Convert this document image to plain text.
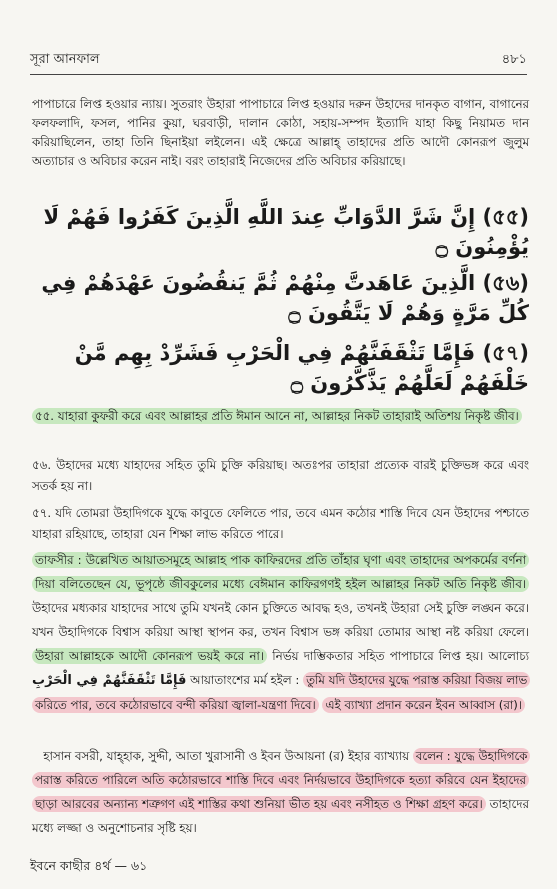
সূরা আনফাল	৪৮১
পাপাচারে লিপ্ত হওয়ার ন্যায়। সুতরাং উহারা পাপাচারে লিপ্ত হওয়ার দরুন উহাদের দানকৃত বাগান, বাগানের ফলফলাদি, ফসল, পানির কুয়া, ঘরবাড়ী, দালান কোঠা, সহায়-সম্পদ ইত্যাদি যাহা কিছু নিয়ামত দান করিয়াছিলেন, তাহা তিনি ছিনাইয়া লইলেন। এই ক্ষেত্রে আল্লাহ্ তাহাদের প্রতি আদৌ কোনরূপ জুলুম অত্যাচার ও অবিচার করেন নাই। বরং তাহারাই নিজেদের প্রতি অবিচার করিয়াছে।
(৫৫) إِنَّ شَرَّ الدَّوَابِّ عِندَ اللَّهِ الَّذِينَ كَفَرُوا فَهُمْ لَا يُؤْمِنُونَ ۝
(৫৬) الَّذِينَ عَاهَدتَّ مِنْهُمْ ثُمَّ يَنقُضُونَ عَهْدَهُمْ فِي كُلِّ مَرَّةٍ وَهُمْ لَا يَتَّقُونَ ۝
(৫৭) فَإِمَّا تَثْقَفَنَّهُمْ فِي الْحَرْبِ فَشَرِّدْ بِهِم مَّنْ خَلْفَهُمْ لَعَلَّهُمْ يَذَّكَّرُونَ ۝
৫৫. যাহারা কুফরী করে এবং আল্লাহর প্রতি ঈমান আনে না, আল্লাহর নিকট তাহারাই অতিশয় নিকৃষ্ট জীব।
৫৬. উহাদের মধ্যে যাহাদের সহিত তুমি চুক্তি করিয়াছ। অতঃপর তাহারা প্রত্যেক বারই চুক্তিভঙ্গ করে এবং সতর্ক হয় না।
৫৭. যদি তোমরা উহাদিগকে যুদ্ধে কাবুতে ফেলিতে পার, তবে এমন কঠোর শাস্তি দিবে যেন উহাদের পশ্চাতে যাহারা রহিয়াছে, তাহারা যেন শিক্ষা লাভ করিতে পারে।
তাফসীর : উল্লেখিত আয়াতসমূহে আল্লাহ পাক কাফিরদের প্রতি তাঁহার ঘৃণা এবং তাহাদের অপকর্মের বর্ণনা দিয়া বলিতেছেন যে, ভূপৃষ্ঠে জীবকুলের মধ্যে বেঈমান কাফিরগণই হইল আল্লাহর নিকট অতি নিকৃষ্ট জীব। উহাদের মধ্যকার যাহাদের সাথে তুমি যখনই কোন চুক্তিতে আবদ্ধ হও, তখনই উহারা সেই চুক্তি লঙ্ঘন করে। যখন উহাদিগকে বিশ্বাস করিয়া আস্থা স্থাপন কর, তখন বিশ্বাস ভঙ্গ করিয়া তোমার আস্থা নষ্ট করিয়া ফেলে। উহারা আল্লাহকে আদৌ কোনরূপ ভয়ই করে না। নির্ভয় দাম্ভিকতার সহিত পাপাচারে লিপ্ত হয়। আলোচ্য فَإِمَّا تَثْقَفَنَّهُمْ فِي الْحَرْبِ আয়াতাংশের মর্ম হইল : তুমি যদি উহাদের যুদ্ধে পরাস্ত করিয়া বিজয় লাভ করিতে পার, তবে কঠোরভাবে বন্দী করিয়া জ্বালা-যন্ত্রণা দিবে। এই ব্যাখ্যা প্রদান করেন ইবন আব্বাস (রা)।
হাসান বসরী, যাহ্হাক, সুদ্দী, আতা খুরাসানী ও ইবন উআয়না (র) ইহার ব্যাখ্যায় বলেন : যুদ্ধে উহাদিগকে পরাস্ত করিতে পারিলে অতি কঠোরভাবে শাস্তি দিবে এবং নির্দয়ভাবে উহাদিগকে হত্যা করিবে যেন ইহাদের ছাড়া আরবের অন্যান্য শত্রুগণ এই শাস্তির কথা শুনিয়া ভীত হয় এবং নসীহত ও শিক্ষা গ্রহণ করে। তাহাদের মধ্যে লজ্জা ও অনুশোচনার সৃষ্টি হয়।
ইবনে কাছীর ৪র্থ — ৬১
